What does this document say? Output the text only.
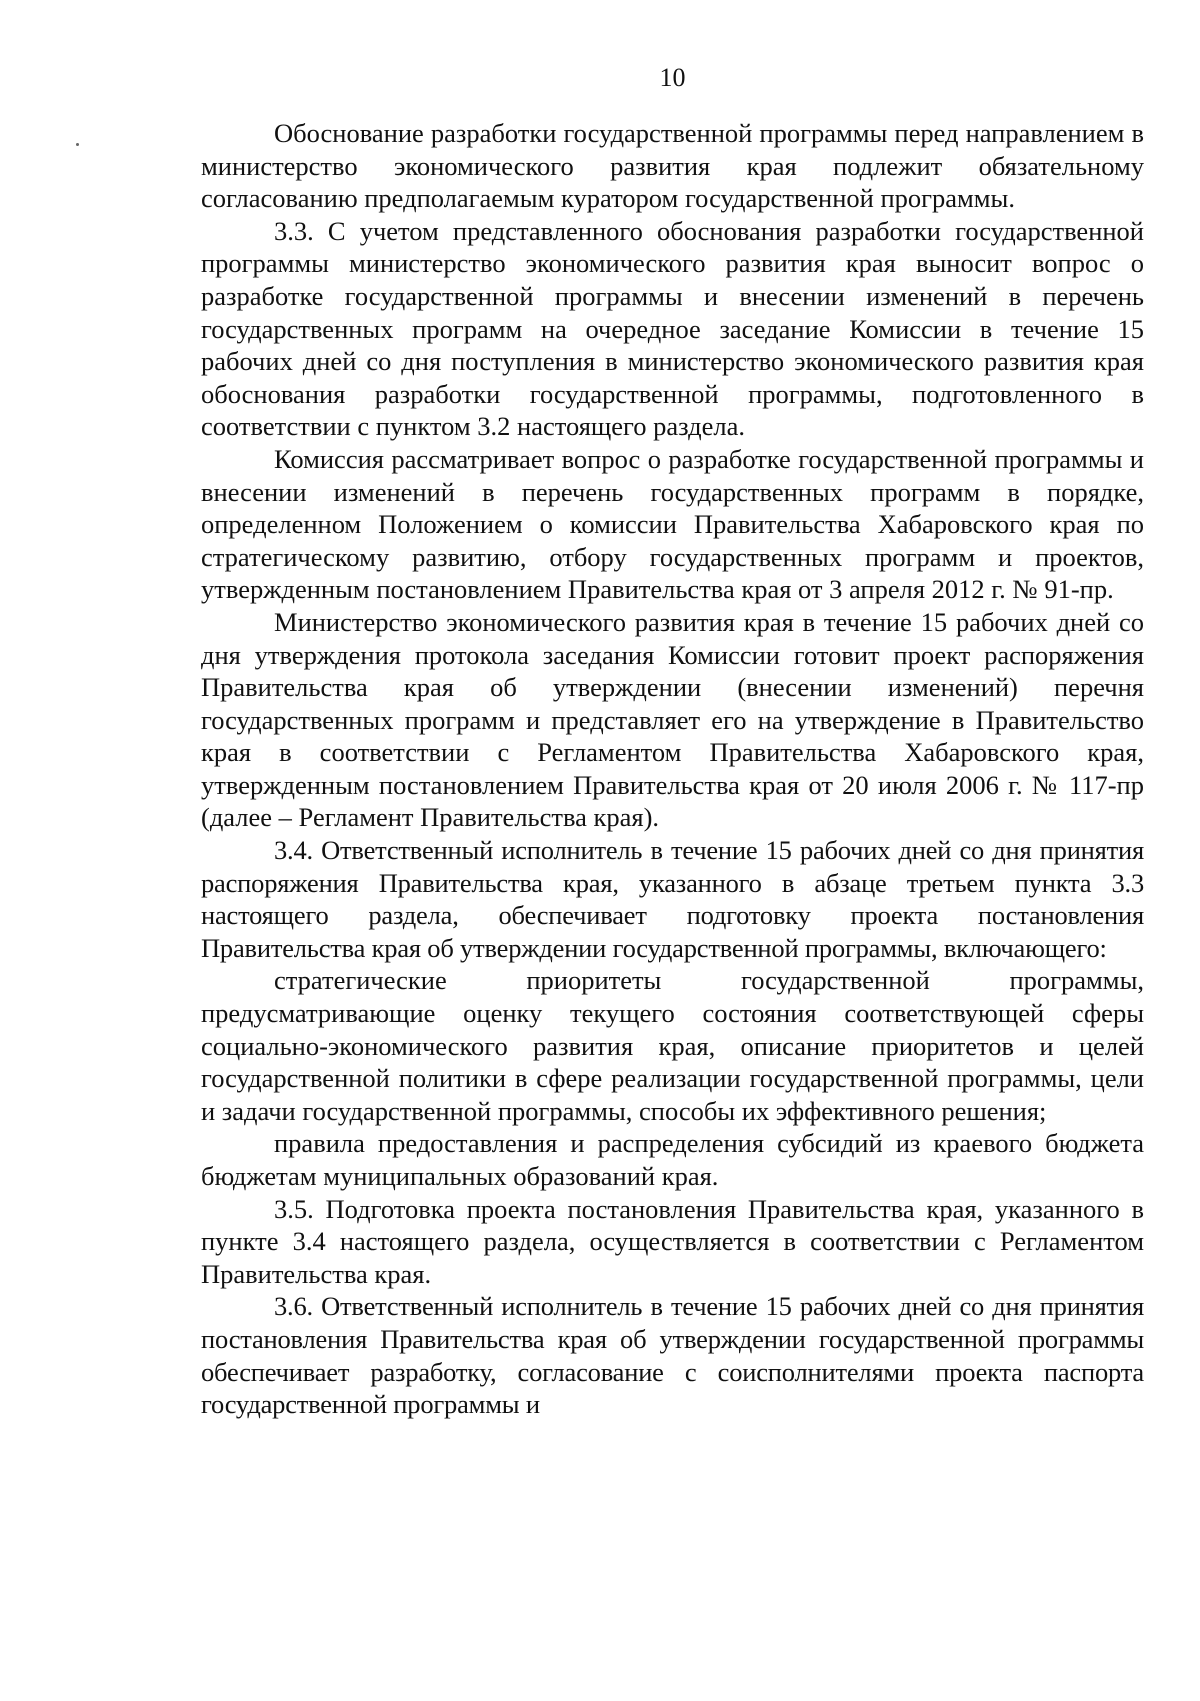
10

Обоснование разработки государственной программы перед направлением в министерство экономического развития края подлежит обязательному согласованию предполагаемым куратором государственной программы.

3.3. С учетом представленного обоснования разработки государственной программы министерство экономического развития края выносит вопрос о разработке государственной программы и внесении изменений в перечень государственных программ на очередное заседание Комиссии в течение 15 рабочих дней со дня поступления в министерство экономического развития края обоснования разработки государственной программы, подготовленного в соответствии с пунктом 3.2 настоящего раздела.

Комиссия рассматривает вопрос о разработке государственной программы и внесении изменений в перечень государственных программ в порядке, определенном Положением о комиссии Правительства Хабаровского края по стратегическому развитию, отбору государственных программ и проектов, утвержденным постановлением Правительства края от 3 апреля 2012 г. № 91-пр.

Министерство экономического развития края в течение 15 рабочих дней со дня утверждения протокола заседания Комиссии готовит проект распоряжения Правительства края об утверждении (внесении изменений) перечня государственных программ и представляет его на утверждение в Правительство края в соответствии с Регламентом Правительства Хабаровского края, утвержденным постановлением Правительства края от 20 июля 2006 г. № 117-пр (далее – Регламент Правительства края).

3.4. Ответственный исполнитель в течение 15 рабочих дней со дня принятия распоряжения Правительства края, указанного в абзаце третьем пункта 3.3 настоящего раздела, обеспечивает подготовку проекта постановления Правительства края об утверждении государственной программы, включающего:

стратегические приоритеты государственной программы, предусматривающие оценку текущего состояния соответствующей сферы социально-экономического развития края, описание приоритетов и целей государственной политики в сфере реализации государственной программы, цели и задачи государственной программы, способы их эффективного решения;

правила предоставления и распределения субсидий из краевого бюджета бюджетам муниципальных образований края.

3.5. Подготовка проекта постановления Правительства края, указанного в пункте 3.4 настоящего раздела, осуществляется в соответствии с Регламентом Правительства края.

3.6. Ответственный исполнитель в течение 15 рабочих дней со дня принятия постановления Правительства края об утверждении государственной программы обеспечивает разработку, согласование с соисполнителями проекта паспорта государственной программы и
